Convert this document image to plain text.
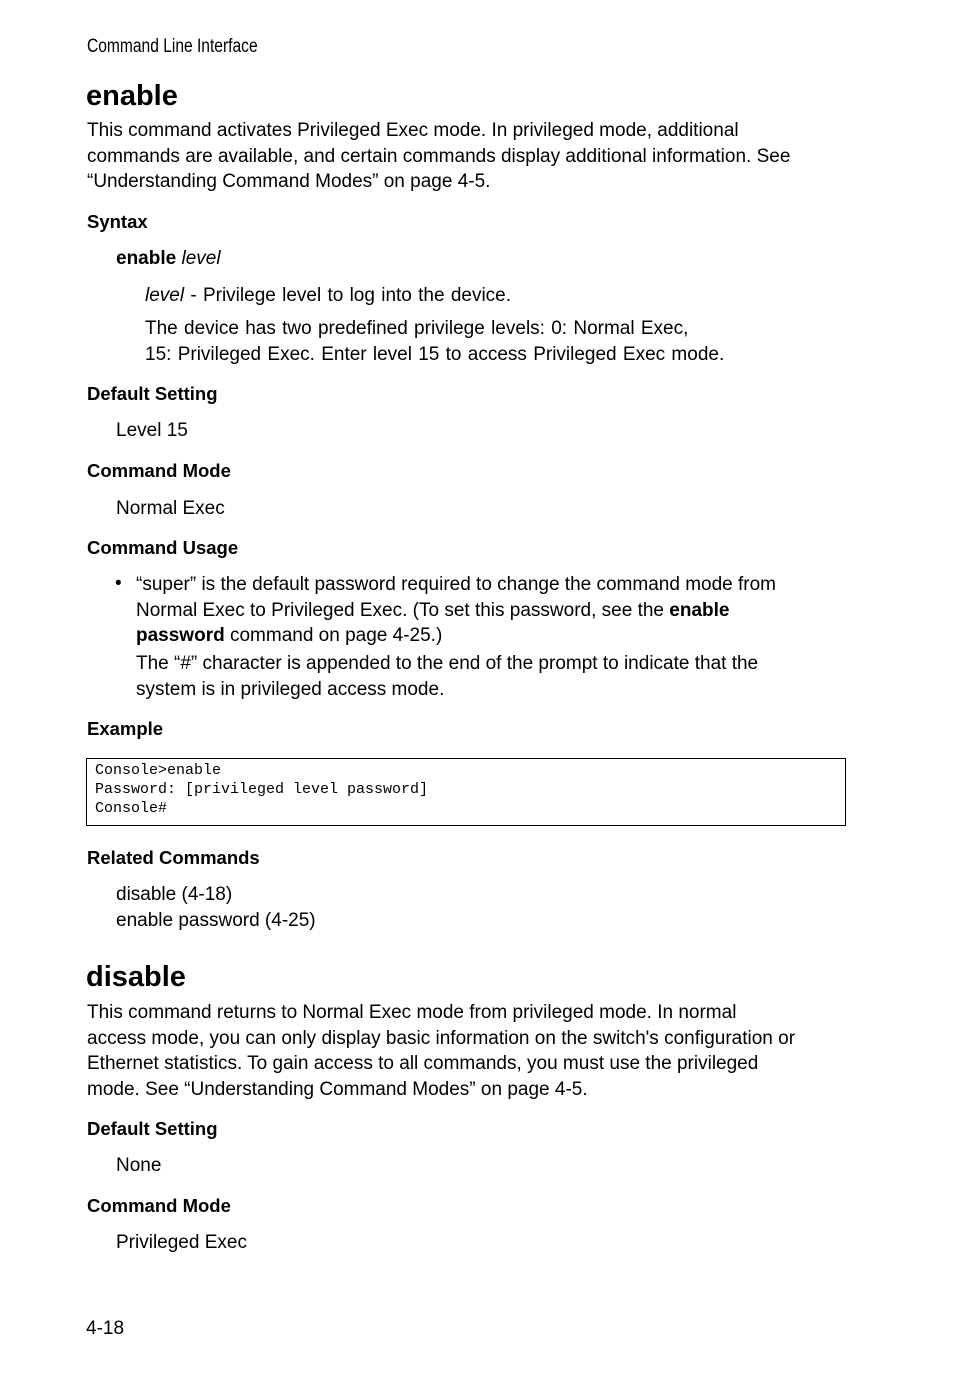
Command Line Interface
enable
This command activates Privileged Exec mode. In privileged mode, additional
commands are available, and certain commands display additional information. See
“Understanding Command Modes” on page 4-5.
Syntax
enable level
level - Privilege level to log into the device.
The device has two predefined privilege levels: 0: Normal Exec,
15: Privileged Exec. Enter level 15 to access Privileged Exec mode.
Default Setting
Level 15
Command Mode
Normal Exec
Command Usage
• “super” is the default password required to change the command mode from
Normal Exec to Privileged Exec. (To set this password, see the enable
password command on page 4-25.)
The “#” character is appended to the end of the prompt to indicate that the
system is in privileged access mode.
Example
Console>enable
Password: [privileged level password]
Console#
Related Commands
disable (4-18)
enable password (4-25)
disable
This command returns to Normal Exec mode from privileged mode. In normal
access mode, you can only display basic information on the switch's configuration or
Ethernet statistics. To gain access to all commands, you must use the privileged
mode. See “Understanding Command Modes” on page 4-5.
Default Setting
None
Command Mode
Privileged Exec
4-18
